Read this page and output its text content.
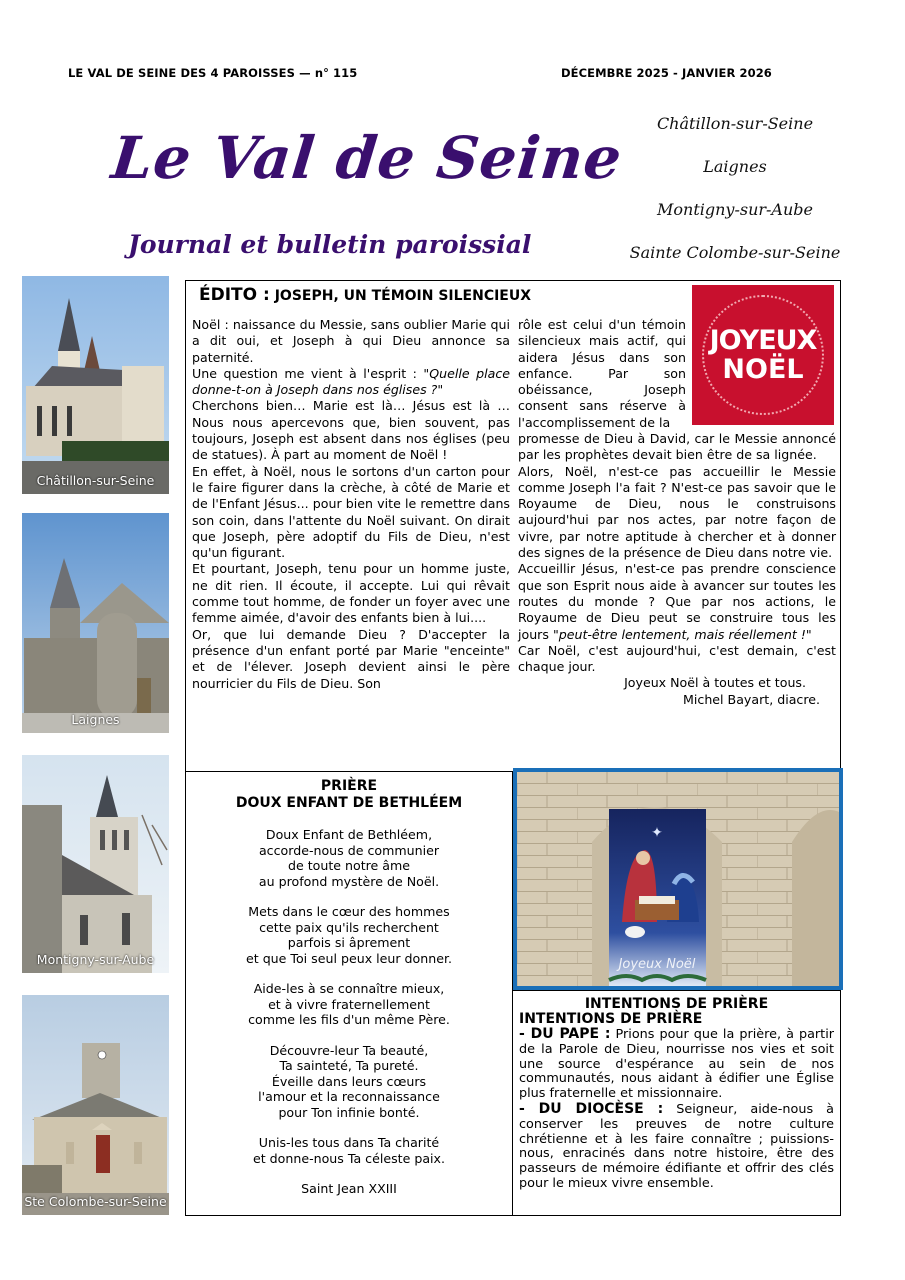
LE VAL DE SEINE DES 4 PAROISSES — n° 115	DÉCEMBRE 2025 - JANVIER 2026
Le Val de Seine
Journal et bulletin paroissial
Châtillon-sur-Seine
Laignes
Montigny-sur-Aube
Sainte Colombe-sur-Seine
Châtillon-sur-Seine
Laignes
Montigny-sur-Aube
Ste Colombe-sur-Seine
ÉDITO : JOSEPH, UN TÉMOIN SILENCIEUX

Noël : naissance du Messie, sans oublier Marie qui a dit oui, et Joseph à qui Dieu annonce sa paternité.

Une question me vient à l'esprit : "Quelle place donne-t-on à Joseph dans nos églises ?"

Cherchons bien… Marie est là… Jésus est là … Nous nous apercevons que, bien souvent, pas toujours, Joseph est absent dans nos églises (peu de statues). À part au moment de Noël !

En effet, à Noël, nous le sortons d'un carton pour le faire figurer dans la crèche, à côté de Marie et de l'Enfant Jésus... pour bien vite le remettre dans son coin, dans l'attente du Noël suivant. On dirait que Joseph, père adoptif du Fils de Dieu, n'est qu'un figurant.

Et pourtant, Joseph, tenu pour un homme juste, ne dit rien. Il écoute, il accepte. Lui qui rêvait comme tout homme, de fonder un foyer avec une femme aimée, d'avoir des enfants bien à lui....

Or, que lui demande Dieu ? D'accepter la présence d'un enfant porté par Marie "enceinte" et de l'élever. Joseph devient ainsi le père nourricier du Fils de Dieu. Son

rôle est celui d'un témoin silencieux mais actif, qui aidera Jésus dans son enfance. Par son obéissance, Joseph consent sans réserve à l'accomplissement de la

JOYEUX
NOËL

promesse de Dieu à David, car le Messie annoncé par les prophètes devait bien être de sa lignée.

Alors, Noël, n'est-ce pas accueillir le Messie comme Joseph l'a fait ? N'est-ce pas savoir que le Royaume de Dieu, nous le construisons aujourd'hui par nos actes, par notre façon de vivre, par notre aptitude à chercher et à donner des signes de la présence de Dieu dans notre vie.

Accueillir Jésus, n'est-ce pas prendre conscience que son Esprit nous aide à avancer sur toutes les routes du monde ? Que par nos actions, le Royaume de Dieu peut se construire tous les jours "peut-être lentement, mais réellement !"

Car Noël, c'est aujourd'hui, c'est demain, c'est chaque jour.

Joyeux Noël à toutes et tous.

Michel Bayart, diacre.

PRIÈRE
DOUX ENFANT DE BETHLÉEM
Doux Enfant de Bethléem,
accorde-nous de communier
de toute notre âme
au profond mystère de Noël.
Mets dans le cœur des hommes
cette paix qu'ils recherchent
parfois si âprement
et que Toi seul peux leur donner.
Aide-les à se connaître mieux,
et à vivre fraternellement
comme les fils d'un même Père.
Découvre-leur Ta beauté,
Ta sainteté, Ta pureté.
Éveille dans leurs cœurs
l'amour et la reconnaissance
pour Ton infinie bonté.
Unis-les tous dans Ta charité
et donne-nous Ta céleste paix.
Saint Jean XXIII
✦
Joyeux Noël
INTENTIONS DE PRIÈRE
INTENTIONS DE PRIÈRE
- DU PAPE : Prions pour que la prière, à partir de la Parole de Dieu, nourrisse nos vies et soit une source d'espérance au sein de nos communautés, nous aidant à édifier une Église plus fraternelle et missionnaire.
- DU DIOCÈSE : Seigneur, aide-nous à conserver les preuves de notre culture chrétienne et à les faire connaître ; puissions-nous, enracinés dans notre histoire, être des passeurs de mémoire édifiante et offrir des clés pour le mieux vivre ensemble.
